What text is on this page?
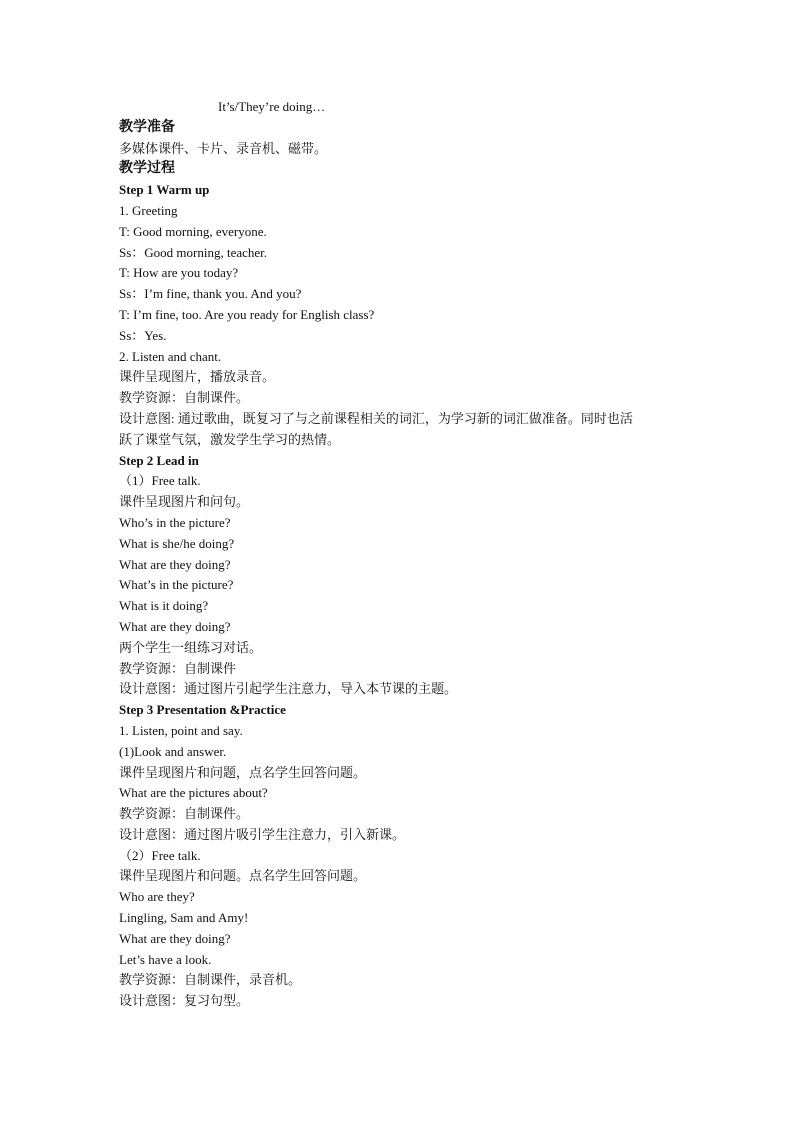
It’s/They’re doing…
教学准备
多媒体课件、卡片、录音机、磁带。
教学过程
Step 1 Warm up
1. Greeting
T: Good morning, everyone.
Ss：Good morning, teacher.
T: How are you today?
Ss：I’m fine, thank you. And you?
T: I’m fine, too. Are you ready for English class?
Ss：Yes.
2. Listen and chant.
课件呈现图片，播放录音。
教学资源：自制课件。
设计意图: 通过歌曲，既复习了与之前课程相关的词汇，为学习新的词汇做准备。同时也活
跃了课堂气氛，激发学生学习的热情。
Step 2 Lead in
（1）Free talk.
课件呈现图片和问句。
Who’s in the picture?
What is she/he doing?
What are they doing?
What’s in the picture?
What is it doing?
What are they doing?
两个学生一组练习对话。
教学资源：自制课件
设计意图：通过图片引起学生注意力，导入本节课的主题。
Step 3 Presentation &Practice
1. Listen, point and say.
(1)Look and answer.
课件呈现图片和问题，点名学生回答问题。
What are the pictures about?
教学资源：自制课件。
设计意图：通过图片吸引学生注意力，引入新课。
（2）Free talk.
课件呈现图片和问题。点名学生回答问题。
Who are they?
Lingling, Sam and Amy!
What are they doing?
Let’s have a look.
教学资源：自制课件，录音机。
设计意图：复习句型。
